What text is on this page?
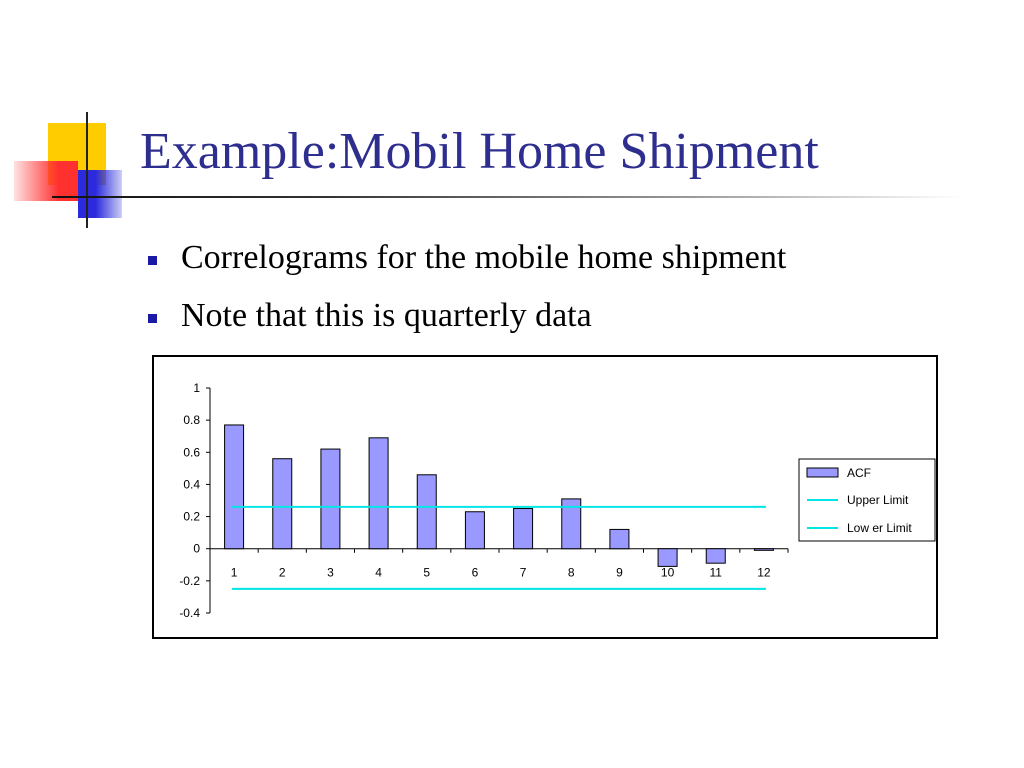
Example:Mobil Home Shipment
Correlograms for the mobile home shipment
Note that this is quarterly data
1
0.8
0.6
0.4
0.2
0
-0.2
-0.4
1	2	3	4	5	6	7	8	9	10	11	12
ACF
Upper Limit
Low er Limit
